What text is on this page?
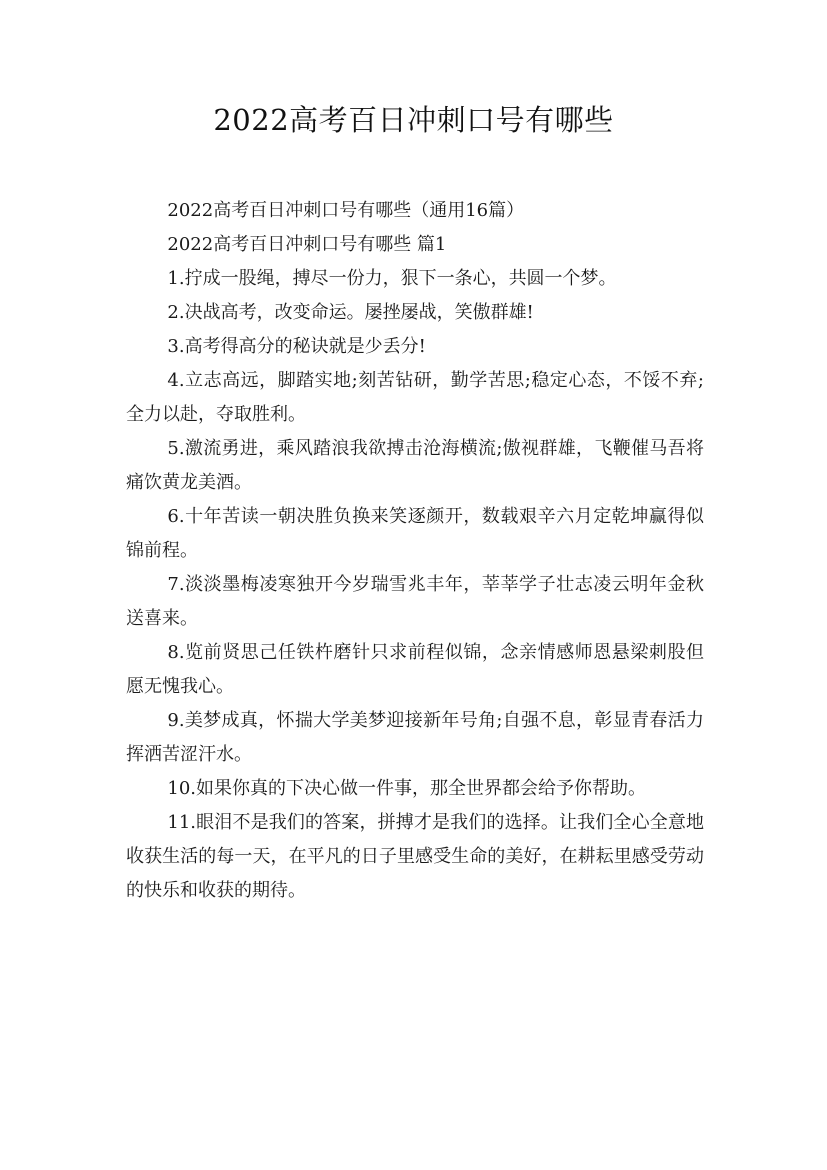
2022高考百日冲刺口号有哪些

2022高考百日冲刺口号有哪些（通用16篇）

2022高考百日冲刺口号有哪些 篇1

1.拧成一股绳，搏尽一份力，狠下一条心，共圆一个梦。

2.决战高考，改变命运。屡挫屡战，笑傲群雄!

3.高考得高分的秘诀就是少丢分!

4.立志高远，脚踏实地;刻苦钻研，勤学苦思;稳定心态，不馁不弃;全力以赴，夺取胜利。

5.激流勇进，乘风踏浪我欲搏击沧海横流;傲视群雄，飞鞭催马吾将痛饮黄龙美酒。

6.十年苦读一朝决胜负换来笑逐颜开，数载艰辛六月定乾坤赢得似锦前程。

7.淡淡墨梅凌寒独开今岁瑞雪兆丰年，莘莘学子壮志凌云明年金秋送喜来。

8.览前贤思己任铁杵磨针只求前程似锦，念亲情感师恩悬梁刺股但愿无愧我心。

9.美梦成真，怀揣大学美梦迎接新年号角;自强不息，彰显青春活力挥洒苦涩汗水。

10.如果你真的下决心做一件事，那全世界都会给予你帮助。

11.眼泪不是我们的答案，拼搏才是我们的选择。让我们全心全意地收获生活的每一天，在平凡的日子里感受生命的美好，在耕耘里感受劳动的快乐和收获的期待。
